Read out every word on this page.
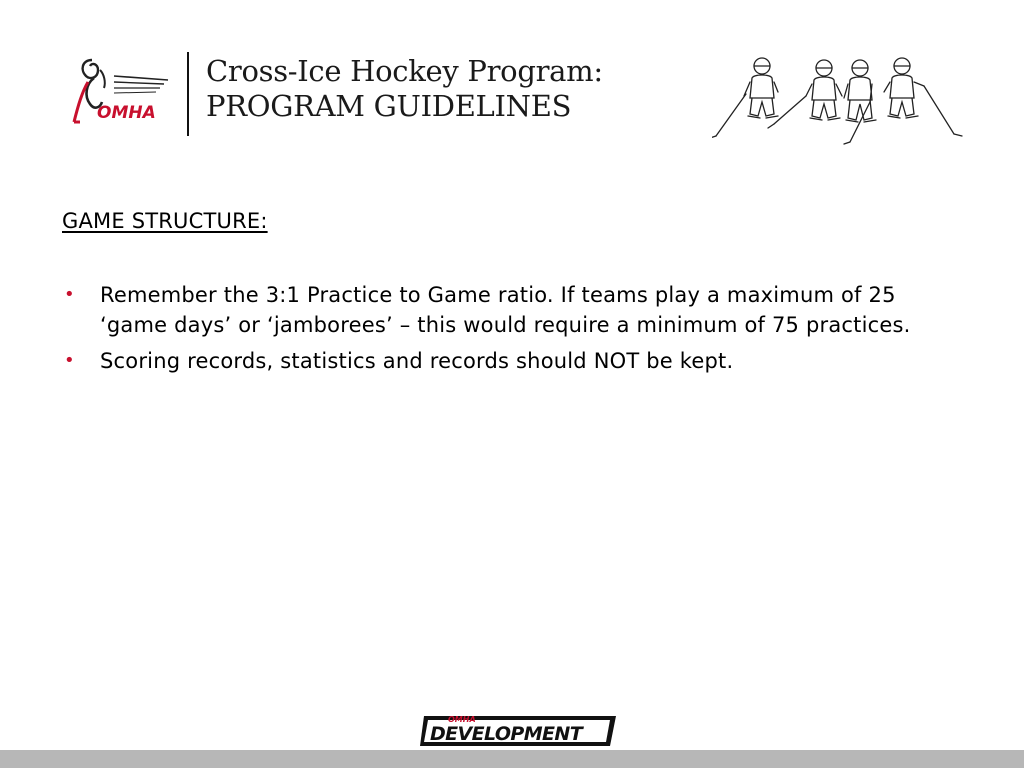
OMHA
Cross-Ice Hockey Program:
PROGRAM GUIDELINES
GAME STRUCTURE:
• Remember the 3:1 Practice to Game ratio. If teams play a maximum of 25 ‘game days’ or ‘jamborees’ – this would require a minimum of 75 practices.
• Scoring records, statistics and records should NOT be kept.
OMHA
DEVELOPMENT
